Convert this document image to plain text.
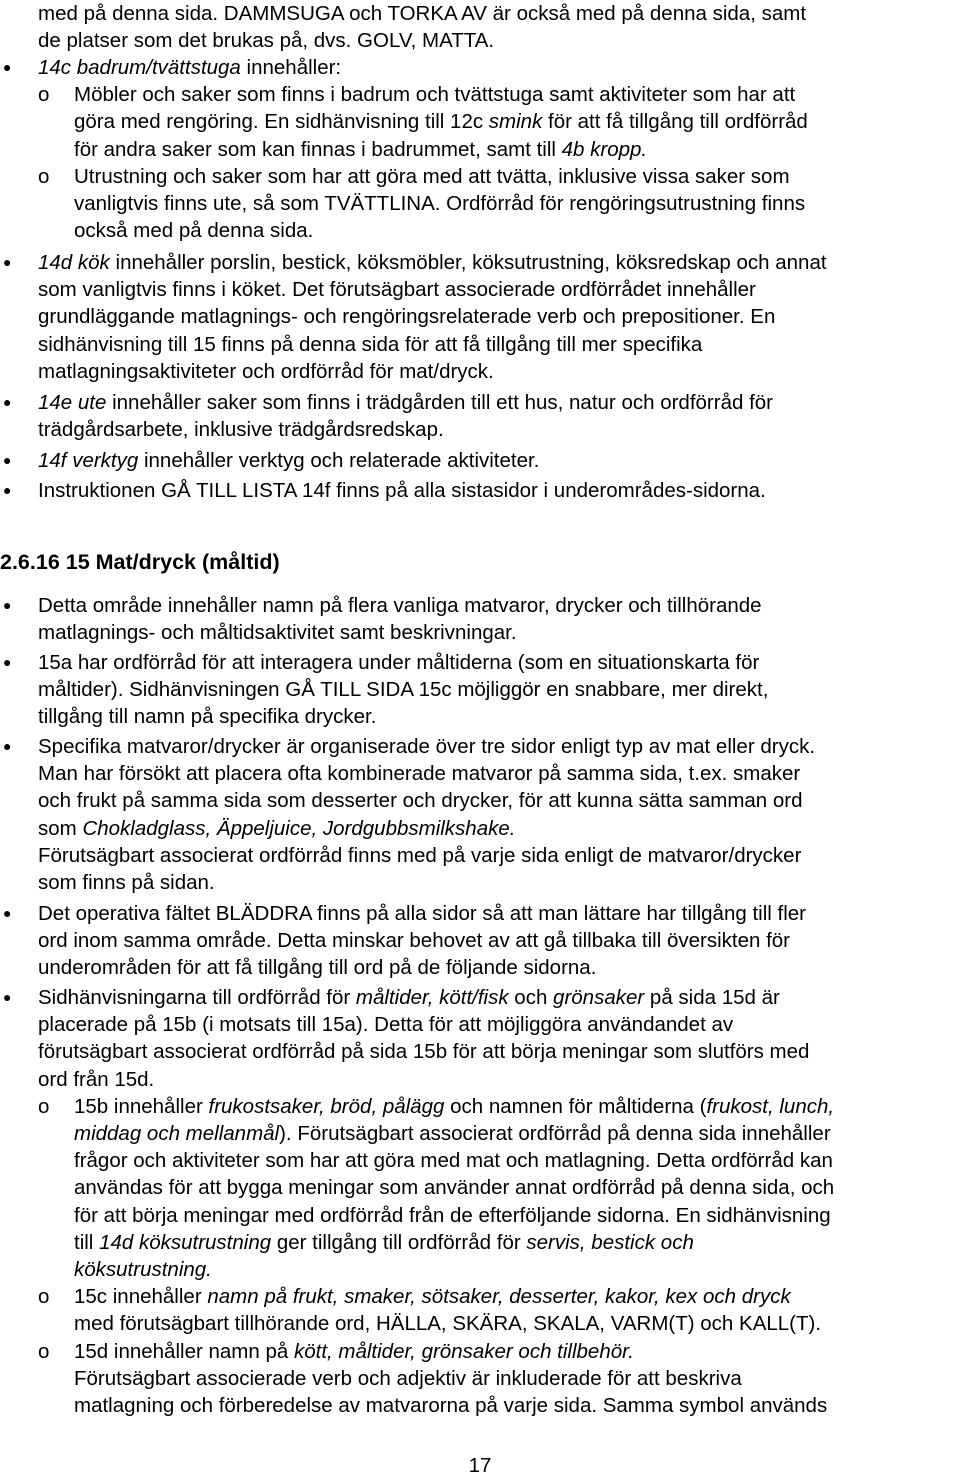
med på denna sida. DAMMSUGA och TORKA AV är också med på denna sida, samt

de platser som det brukas på, dvs. GOLV, MATTA.

● 14c badrum/tvättstuga innehåller:
o Möbler och saker som finns i badrum och tvättstuga samt aktiviteter som har att

göra med rengöring. En sidhänvisning till 12c smink för att få tillgång till ordförråd

för andra saker som kan finnas i badrummet, samt till 4b kropp.

o Utrustning och saker som har att göra med att tvätta, inklusive vissa saker som

vanligtvis finns ute, så som TVÄTTLINA. Ordförråd för rengöringsutrustning finns

också med på denna sida.

● 14d kök innehåller porslin, bestick, köksmöbler, köksutrustning, köksredskap och annat

som vanligtvis finns i köket. Det förutsägbart associerade ordförrådet innehåller

grundläggande matlagnings- och rengöringsrelaterade verb och prepositioner. En

sidhänvisning till 15 finns på denna sida för att få tillgång till mer specifika

matlagningsaktiviteter och ordförråd för mat/dryck.

● 14e ute innehåller saker som finns i trädgården till ett hus, natur och ordförråd för

trädgårdsarbete, inklusive trädgårdsredskap.

● 14f verktyg innehåller verktyg och relaterade aktiviteter.
● Instruktionen GÅ TILL LISTA 14f finns på alla sistasidor i underområdes-sidorna.

2.6.16 15 Mat/dryck (måltid)

● Detta område innehåller namn på flera vanliga matvaror, drycker och tillhörande

matlagnings- och måltidsaktivitet samt beskrivningar.

● 15a har ordförråd för att interagera under måltiderna (som en situationskarta för

måltider). Sidhänvisningen GÅ TILL SIDA 15c möjliggör en snabbare, mer direkt,

tillgång till namn på specifika drycker.

● Specifika matvaror/drycker är organiserade över tre sidor enligt typ av mat eller dryck.

Man har försökt att placera ofta kombinerade matvaror på samma sida, t.ex. smaker

och frukt på samma sida som desserter och drycker, för att kunna sätta samman ord

som Chokladglass, Äppeljuice, Jordgubbsmilkshake.

Förutsägbart associerat ordförråd finns med på varje sida enligt de matvaror/drycker

som finns på sidan.

● Det operativa fältet BLÄDDRA finns på alla sidor så att man lättare har tillgång till fler

ord inom samma område. Detta minskar behovet av att gå tillbaka till översikten för

underområden för att få tillgång till ord på de följande sidorna.

● Sidhänvisningarna till ordförråd för måltider, kött/fisk och grönsaker på sida 15d är

placerade på 15b (i motsats till 15a). Detta för att möjliggöra användandet av

förutsägbart associerat ordförråd på sida 15b för att börja meningar som slutförs med

ord från 15d.

o 15b innehåller frukostsaker, bröd, pålägg och namnen för måltiderna (frukost, lunch,

middag och mellanmål). Förutsägbart associerat ordförråd på denna sida innehåller

frågor och aktiviteter som har att göra med mat och matlagning. Detta ordförråd kan

användas för att bygga meningar som använder annat ordförråd på denna sida, och

för att börja meningar med ordförråd från de efterföljande sidorna. En sidhänvisning

till 14d köksutrustning ger tillgång till ordförråd för servis, bestick och

köksutrustning.

o 15c innehåller namn på frukt, smaker, sötsaker, desserter, kakor, kex och dryck

med förutsägbart tillhörande ord, HÄLLA, SKÄRA, SKALA, VARM(T) och KALL(T).

o 15d innehåller namn på kött, måltider, grönsaker och tillbehör.

Förutsägbart associerade verb och adjektiv är inkluderade för att beskriva

matlagning och förberedelse av matvarorna på varje sida. Samma symbol används

17
